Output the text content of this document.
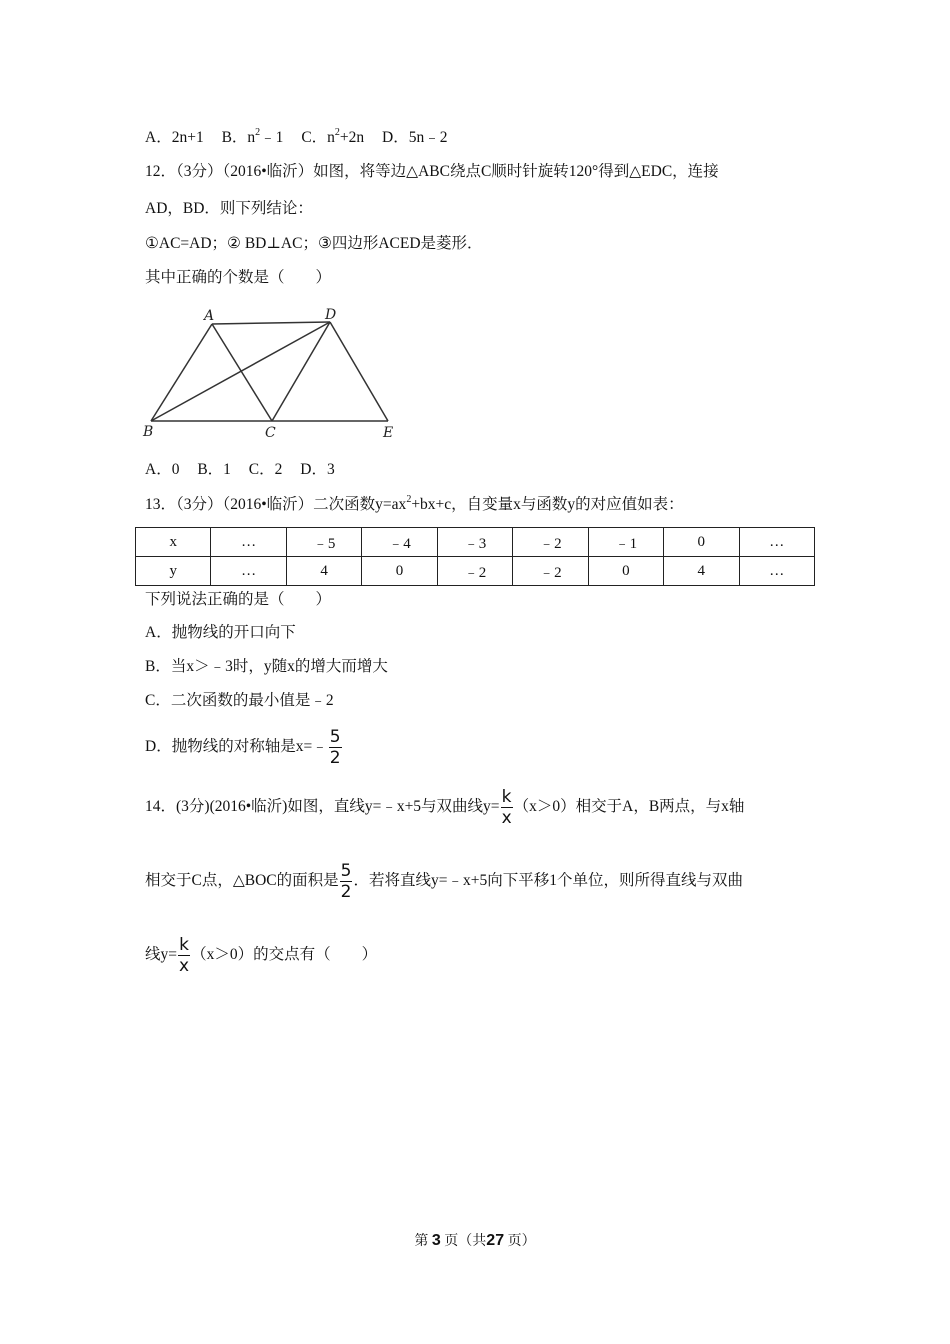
A．2n+1 B．$n^2﹣1$ C．$n^2+2n$ D．5n﹣2
12．（3分）（2016•临沂）如图，将等边△ABC绕点C顺时针旋转120°得到△EDC，连接
AD，BD．则下列结论：
①AC=AD；② BD⊥AC；③四边形ACED是菱形．
其中正确的个数是（　　）
A	D
B	C	E
A．0 B．1 C．2 D．3
13．（3分）（2016•临沂）二次函数$y=ax^2+bx+c$，自变量x与函数y的对应值如表：
x	…	﹣5	﹣4	﹣3	﹣2	﹣1	0	…
y	…	4	0	﹣2	﹣2	0	4	…
下列说法正确的是（　　）
A．抛物线的开口向下
B．当x＞﹣3时，y随x的增大而增大
C．二次函数的最小值是﹣2
D．抛物线的对称轴是x=﹣ $\frac{5}{2}$
14．(3分)(2016•临沂)如图，直线y=﹣x+5与双曲线$y= \frac{k}{x} (x>0)$相交于A，B两点，与x轴
相交于C点，△BOC的面积是 $\frac{5}{2}$ ．若将直线y=﹣x+5向下平移1个单位，则所得直线与双曲
线$y= \frac{k}{x} (x>0)$的交点有（　　）
第 3 页（共27 页）
